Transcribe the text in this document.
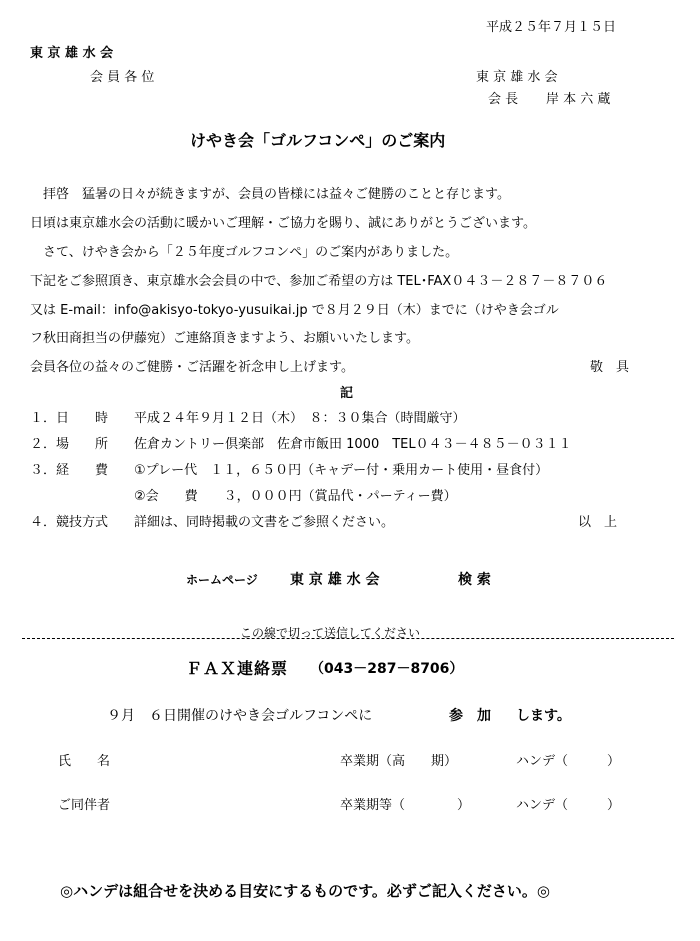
平成２５年７月１５日
東 京 雄 水 会
会 員 各 位	東 京 雄 水 会
会 長 岸 本 六 蔵
けやき会「ゴルフコンペ」のご案内
拝啓　猛暑の日々が続きますが、会員の皆様には益々ご健勝のことと存じます。
日頃は東京雄水会の活動に暖かいご理解・ご協力を賜り、誠にありがとうございます。
さて、けやき会から「２５年度ゴルフコンペ」のご案内がありました。
下記をご参照頂き、東京雄水会会員の中で、参加ご希望の方は TEL･FAX０４３－２８７－８７０６
又は E-mail：info@akisyo-tokyo-yusuikai.jp で８月２９日（木）までに（けやき会ゴル
フ秋田商担当の伊藤宛）ご連絡頂きますよう、お願いいたします。
会員各位の益々のご健勝・ご活躍を祈念申し上げます。	敬　具
記
１．日　　時 平成２４年９月１２日（木）　８：３０集合（時間厳守）
２．場　　所 佐倉カントリー倶楽部　佐倉市飯田 1000　TEL０４３－４８５－０３１１
３．経　　費 ①プレー代　１１，６５０円（キャデー付・乗用カート使用・昼食付）
②会　　費　　３，０００円（賞品代・パーティー費）
４．競技方式 詳細は、同時掲載の文書をご参照ください。	以　上
ホームページ 東 京 雄 水 会	検 索
この線で切って送信してください
ＦＡＸ連絡票 （043－287－8706）
９月　６日開催のけやき会ゴルフコンペに	参　加 します。
氏　　名	卒業期（高　　期）	ハンデ（　　　）
ご同伴者	卒業期等（　　　　）	ハンデ（　　　）
◎ハンデは組合せを決める目安にするものです。必ずご記入ください。◎
